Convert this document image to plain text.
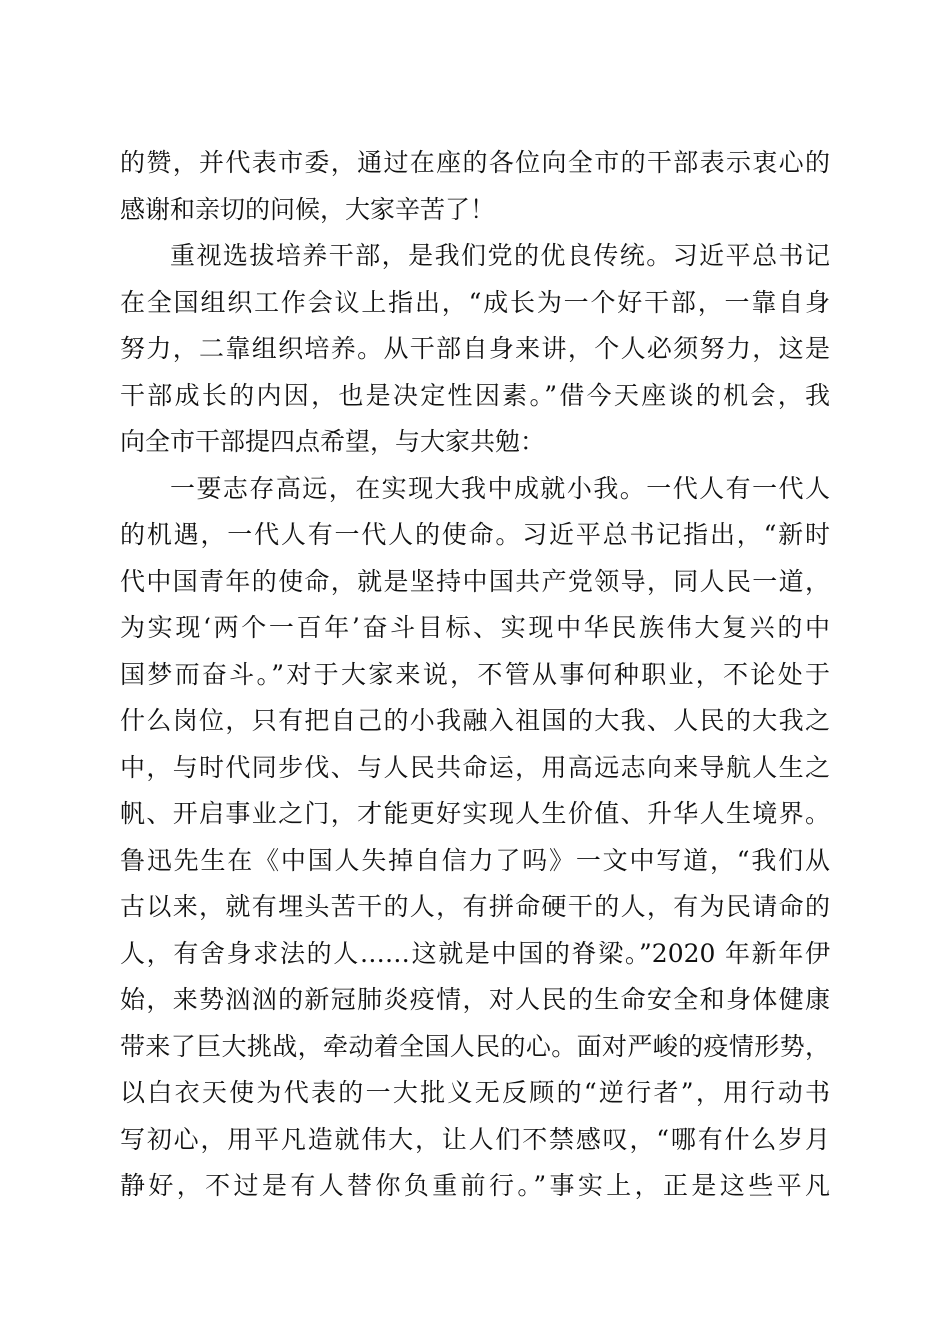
的赞，并代表市委，通过在座的各位向全市的干部表示衷心的
感谢和亲切的问候，大家辛苦了！
重视选拔培养干部，是我们党的优良传统。习近平总书记
在全国组织工作会议上指出，“成长为一个好干部，一靠自身
努力，二靠组织培养。从干部自身来讲，个人必须努力，这是
干部成长的内因，也是决定性因素。”借今天座谈的机会，我
向全市干部提四点希望，与大家共勉：
一要志存高远，在实现大我中成就小我。一代人有一代人
的机遇，一代人有一代人的使命。习近平总书记指出，“新时
代中国青年的使命，就是坚持中国共产党领导，同人民一道，
为实现‘两个一百年’奋斗目标、实现中华民族伟大复兴的中
国梦而奋斗。”对于大家来说，不管从事何种职业，不论处于
什么岗位，只有把自己的小我融入祖国的大我、人民的大我之
中，与时代同步伐、与人民共命运，用高远志向来导航人生之
帆、开启事业之门，才能更好实现人生价值、升华人生境界。
鲁迅先生在《中国人失掉自信力了吗》一文中写道，“我们从
古以来，就有埋头苦干的人，有拼命硬干的人，有为民请命的
人，有舍身求法的人……这就是中国的脊梁。”2020 年新年伊
始，来势汹汹的新冠肺炎疫情，对人民的生命安全和身体健康
带来了巨大挑战，牵动着全国人民的心。面对严峻的疫情形势，
以白衣天使为代表的一大批义无反顾的“逆行者”，用行动书
写初心，用平凡造就伟大，让人们不禁感叹，“哪有什么岁月
静好，不过是有人替你负重前行。”事实上，正是这些平凡
